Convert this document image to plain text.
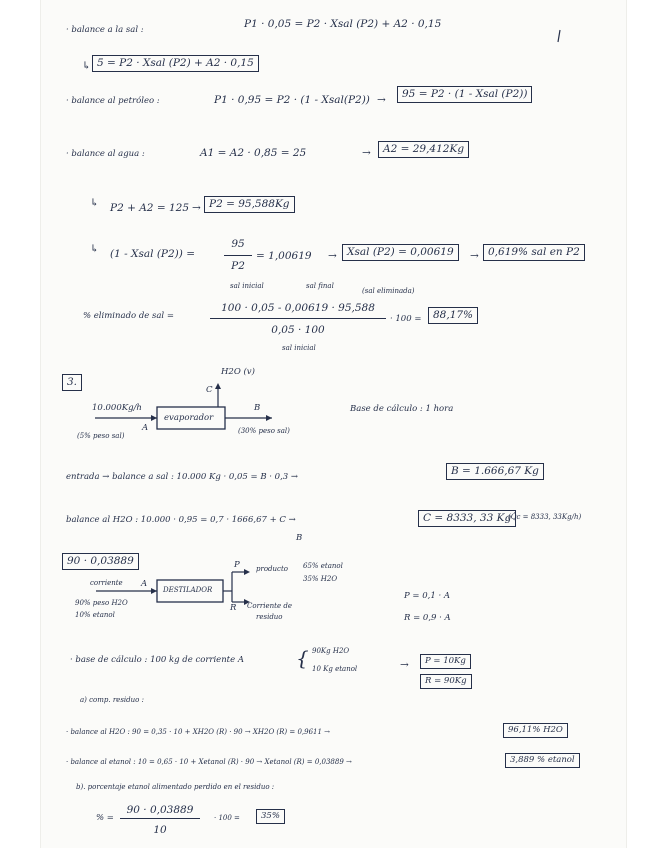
· balance a la sal :	P1 · 0,05 = P2 · Xsal (P2) + A2 · 0,15
↳ 5 = P2 · Xsal (P2) + A2 · 0,15
· balance al petróleo :	P1 · 0,95 = P2 · (1 - Xsal(P2)) →	95 = P2 · (1 - Xsal (P2))
· balance al agua :	A1 = A2 · 0,85 = 25	→	A2 = 29,412Kg
↳ P2 + A2 = 125 → P2 = 95,588Kg
↳ (1 - Xsal (P2)) =
95
P2
= 1,00619 → Xsal (P2) = 0,00619	→ 0,619% sal en P2
sal inicial	sal final
(sal eliminada)
% eliminado de sal =
100 · 0,05 - 0,00619 · 95,588
0,05 · 100
sal inicial
· 100 =	88,17%
3.
H2O (v)
C
10.000Kg/h
A
(5% peso sal)
evaporador
B
(30% peso sal)
Base de cálculo : 1 hora
entrada → balance a sal : 10.000 Kg · 0,05 = B · 0,3 →	B = 1.666,67 Kg
balance al H2O : 10.000 · 0,95 = 0,7 · 1666,67 + C →	C = 8333, 33 Kg
(Q̇c = 8333, 33Kg/h)
B
90 · 0,03889
corriente A
90% peso H2O
10% etanol
DESTILADOR
P producto 65% etanol
35% H2O
R Corriente de
residuo
P = 0,1 · A
R = 0,9 · A
· base de cálculo : 100 kg de corriente A	{ 90Kg H2O
10 Kg etanol	→	P = 10Kg
R = 90Kg
a) comp. residuo :
· balance al H2O : 90 = 0,35 · 10 + XH2O (R) · 90 → XH2O (R) = 0,9611 →	96,11% H2O
· balance al etanol : 10 = 0,65 · 10 + Xetanol (R) · 90 → Xetanol (R) = 0,03889 →	3,889 % etanol
b). porcentaje etanol alimentado perdido en el residuo :
% =
90 · 0,03889
10
· 100 =	35%
